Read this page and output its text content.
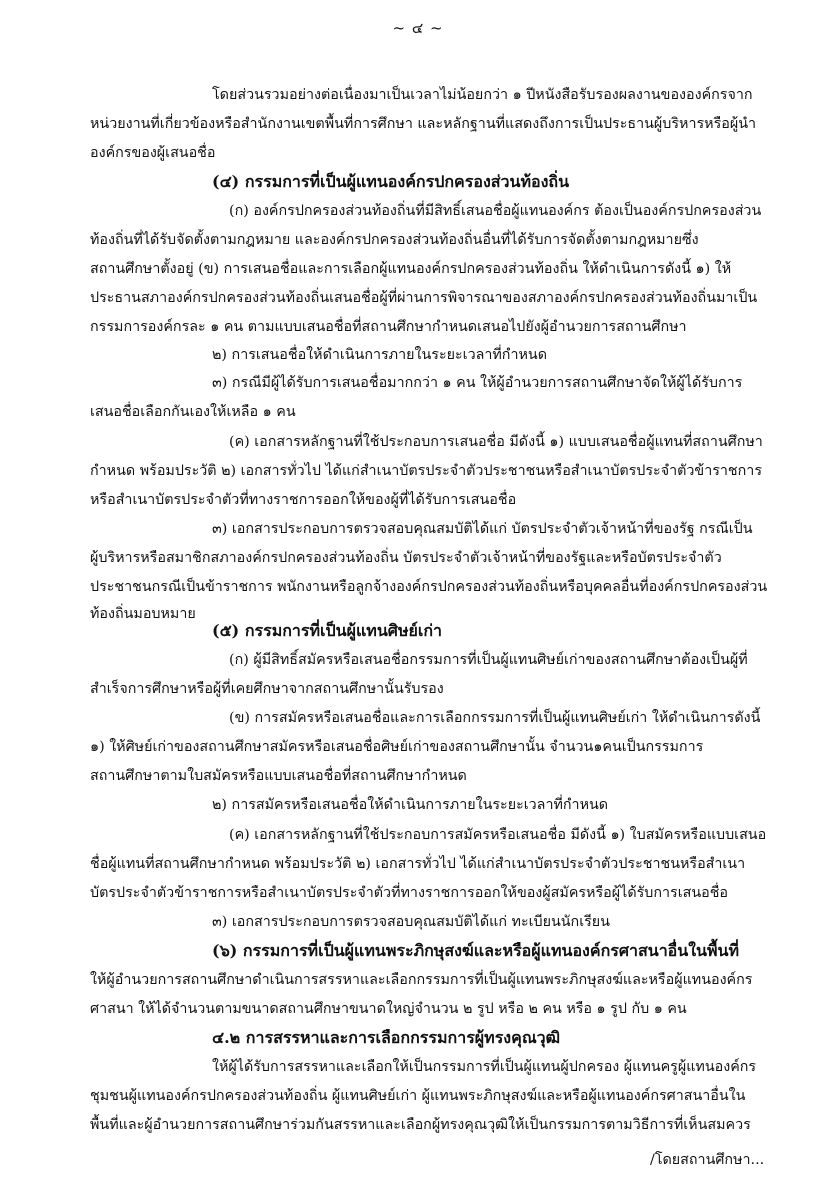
~ ๔ ~
โดยส่วนรวมอย่างต่อเนื่องมาเป็นเวลาไม่น้อยกว่า ๑ ปีหนังสือรับรองผลงานขององค์กรจาก
หน่วยงานที่เกี่ยวข้องหรือสำนักงานเขตพื้นที่การศึกษา และหลักฐานที่แสดงถึงการเป็นประธานผู้บริหารหรือผู้นำ
องค์กรของผู้เสนอชื่อ
(๔) กรรมการที่เป็นผู้แทนองค์กรปกครองส่วนท้องถิ่น
(ก) องค์กรปกครองส่วนท้องถิ่นที่มีสิทธิ์เสนอชื่อผู้แทนองค์กร ต้องเป็นองค์กรปกครองส่วน
ท้องถิ่นที่ได้รับจัดตั้งตามกฎหมาย และองค์กรปกครองส่วนท้องถิ่นอื่นที่ได้รับการจัดตั้งตามกฎหมายซึ่ง
สถานศึกษาตั้งอยู่ (ข) การเสนอชื่อและการเลือกผู้แทนองค์กรปกครองส่วนท้องถิ่น ให้ดำเนินการดังนี้ ๑) ให้
ประธานสภาองค์กรปกครองส่วนท้องถิ่นเสนอชื่อผู้ที่ผ่านการพิจารณาของสภาองค์กรปกครองส่วนท้องถิ่นมาเป็น
กรรมการองค์กรละ ๑ คน ตามแบบเสนอชื่อที่สถานศึกษากำหนดเสนอไปยังผู้อำนวยการสถานศึกษา
๒) การเสนอชื่อให้ดำเนินการภายในระยะเวลาที่กำหนด
๓) กรณีมีผู้ได้รับการเสนอชื่อมากกว่า ๑ คน ให้ผู้อำนวยการสถานศึกษาจัดให้ผู้ได้รับการ
เสนอชื่อเลือกกันเองให้เหลือ ๑ คน
(ค) เอกสารหลักฐานที่ใช้ประกอบการเสนอชื่อ มีดังนี้ ๑) แบบเสนอชื่อผู้แทนที่สถานศึกษา
กำหนด พร้อมประวัติ ๒) เอกสารทั่วไป ได้แก่สำเนาบัตรประจำตัวประชาชนหรือสำเนาบัตรประจำตัวข้าราชการ
หรือสำเนาบัตรประจำตัวที่ทางราชการออกให้ของผู้ที่ได้รับการเสนอชื่อ
๓) เอกสารประกอบการตรวจสอบคุณสมบัติได้แก่ บัตรประจำตัวเจ้าหน้าที่ของรัฐ กรณีเป็น
ผู้บริหารหรือสมาชิกสภาองค์กรปกครองส่วนท้องถิ่น บัตรประจำตัวเจ้าหน้าที่ของรัฐและหรือบัตรประจำตัว
ประชาชนกรณีเป็นข้าราชการ พนักงานหรือลูกจ้างองค์กรปกครองส่วนท้องถิ่นหรือบุคคลอื่นที่องค์กรปกครองส่วน
ท้องถิ่นมอบหมาย
(๕) กรรมการที่เป็นผู้แทนศิษย์เก่า
(ก) ผู้มีสิทธิ์สมัครหรือเสนอชื่อกรรมการที่เป็นผู้แทนศิษย์เก่าของสถานศึกษาต้องเป็นผู้ที่
สำเร็จการศึกษาหรือผู้ที่เคยศึกษาจากสถานศึกษานั้นรับรอง
(ข) การสมัครหรือเสนอชื่อและการเลือกกรรมการที่เป็นผู้แทนศิษย์เก่า ให้ดำเนินการดังนี้
๑) ให้ศิษย์เก่าของสถานศึกษาสมัครหรือเสนอชื่อศิษย์เก่าของสถานศึกษานั้น จำนวน๑คนเป็นกรรมการ
สถานศึกษาตามใบสมัครหรือแบบเสนอชื่อที่สถานศึกษากำหนด
๒) การสมัครหรือเสนอชื่อให้ดำเนินการภายในระยะเวลาที่กำหนด
(ค) เอกสารหลักฐานที่ใช้ประกอบการสมัครหรือเสนอชื่อ มีดังนี้ ๑) ใบสมัครหรือแบบเสนอ
ชื่อผู้แทนที่สถานศึกษากำหนด พร้อมประวัติ ๒) เอกสารทั่วไป ได้แก่สำเนาบัตรประจำตัวประชาชนหรือสำเนา
บัตรประจำตัวข้าราชการหรือสำเนาบัตรประจำตัวที่ทางราชการออกให้ของผู้สมัครหรือผู้ได้รับการเสนอชื่อ
๓) เอกสารประกอบการตรวจสอบคุณสมบัติได้แก่ ทะเบียนนักเรียน
(๖) กรรมการที่เป็นผู้แทนพระภิกษุสงฆ์และหรือผู้แทนองค์กรศาสนาอื่นในพื้นที่
ให้ผู้อำนวยการสถานศึกษาดำเนินการสรรหาและเลือกกรรมการที่เป็นผู้แทนพระภิกษุสงฆ์และหรือผู้แทนองค์กร
ศาสนา ให้ได้จำนวนตามขนาดสถานศึกษาขนาดใหญ่จำนวน ๒ รูป หรือ ๒ คน หรือ ๑ รูป กับ ๑ คน
๔.๒ การสรรหาและการเลือกกรรมการผู้ทรงคุณวุฒิ
ให้ผู้ได้รับการสรรหาและเลือกให้เป็นกรรมการที่เป็นผู้แทนผู้ปกครอง ผู้แทนครูผู้แทนองค์กร
ชุมชนผู้แทนองค์กรปกครองส่วนท้องถิ่น ผู้แทนศิษย์เก่า ผู้แทนพระภิกษุสงฆ์และหรือผู้แทนองค์กรศาสนาอื่นใน
พื้นที่และผู้อำนวยการสถานศึกษาร่วมกันสรรหาและเลือกผู้ทรงคุณวุฒิให้เป็นกรรมการตามวิธีการที่เห็นสมควร
/โดยสถานศึกษา...
